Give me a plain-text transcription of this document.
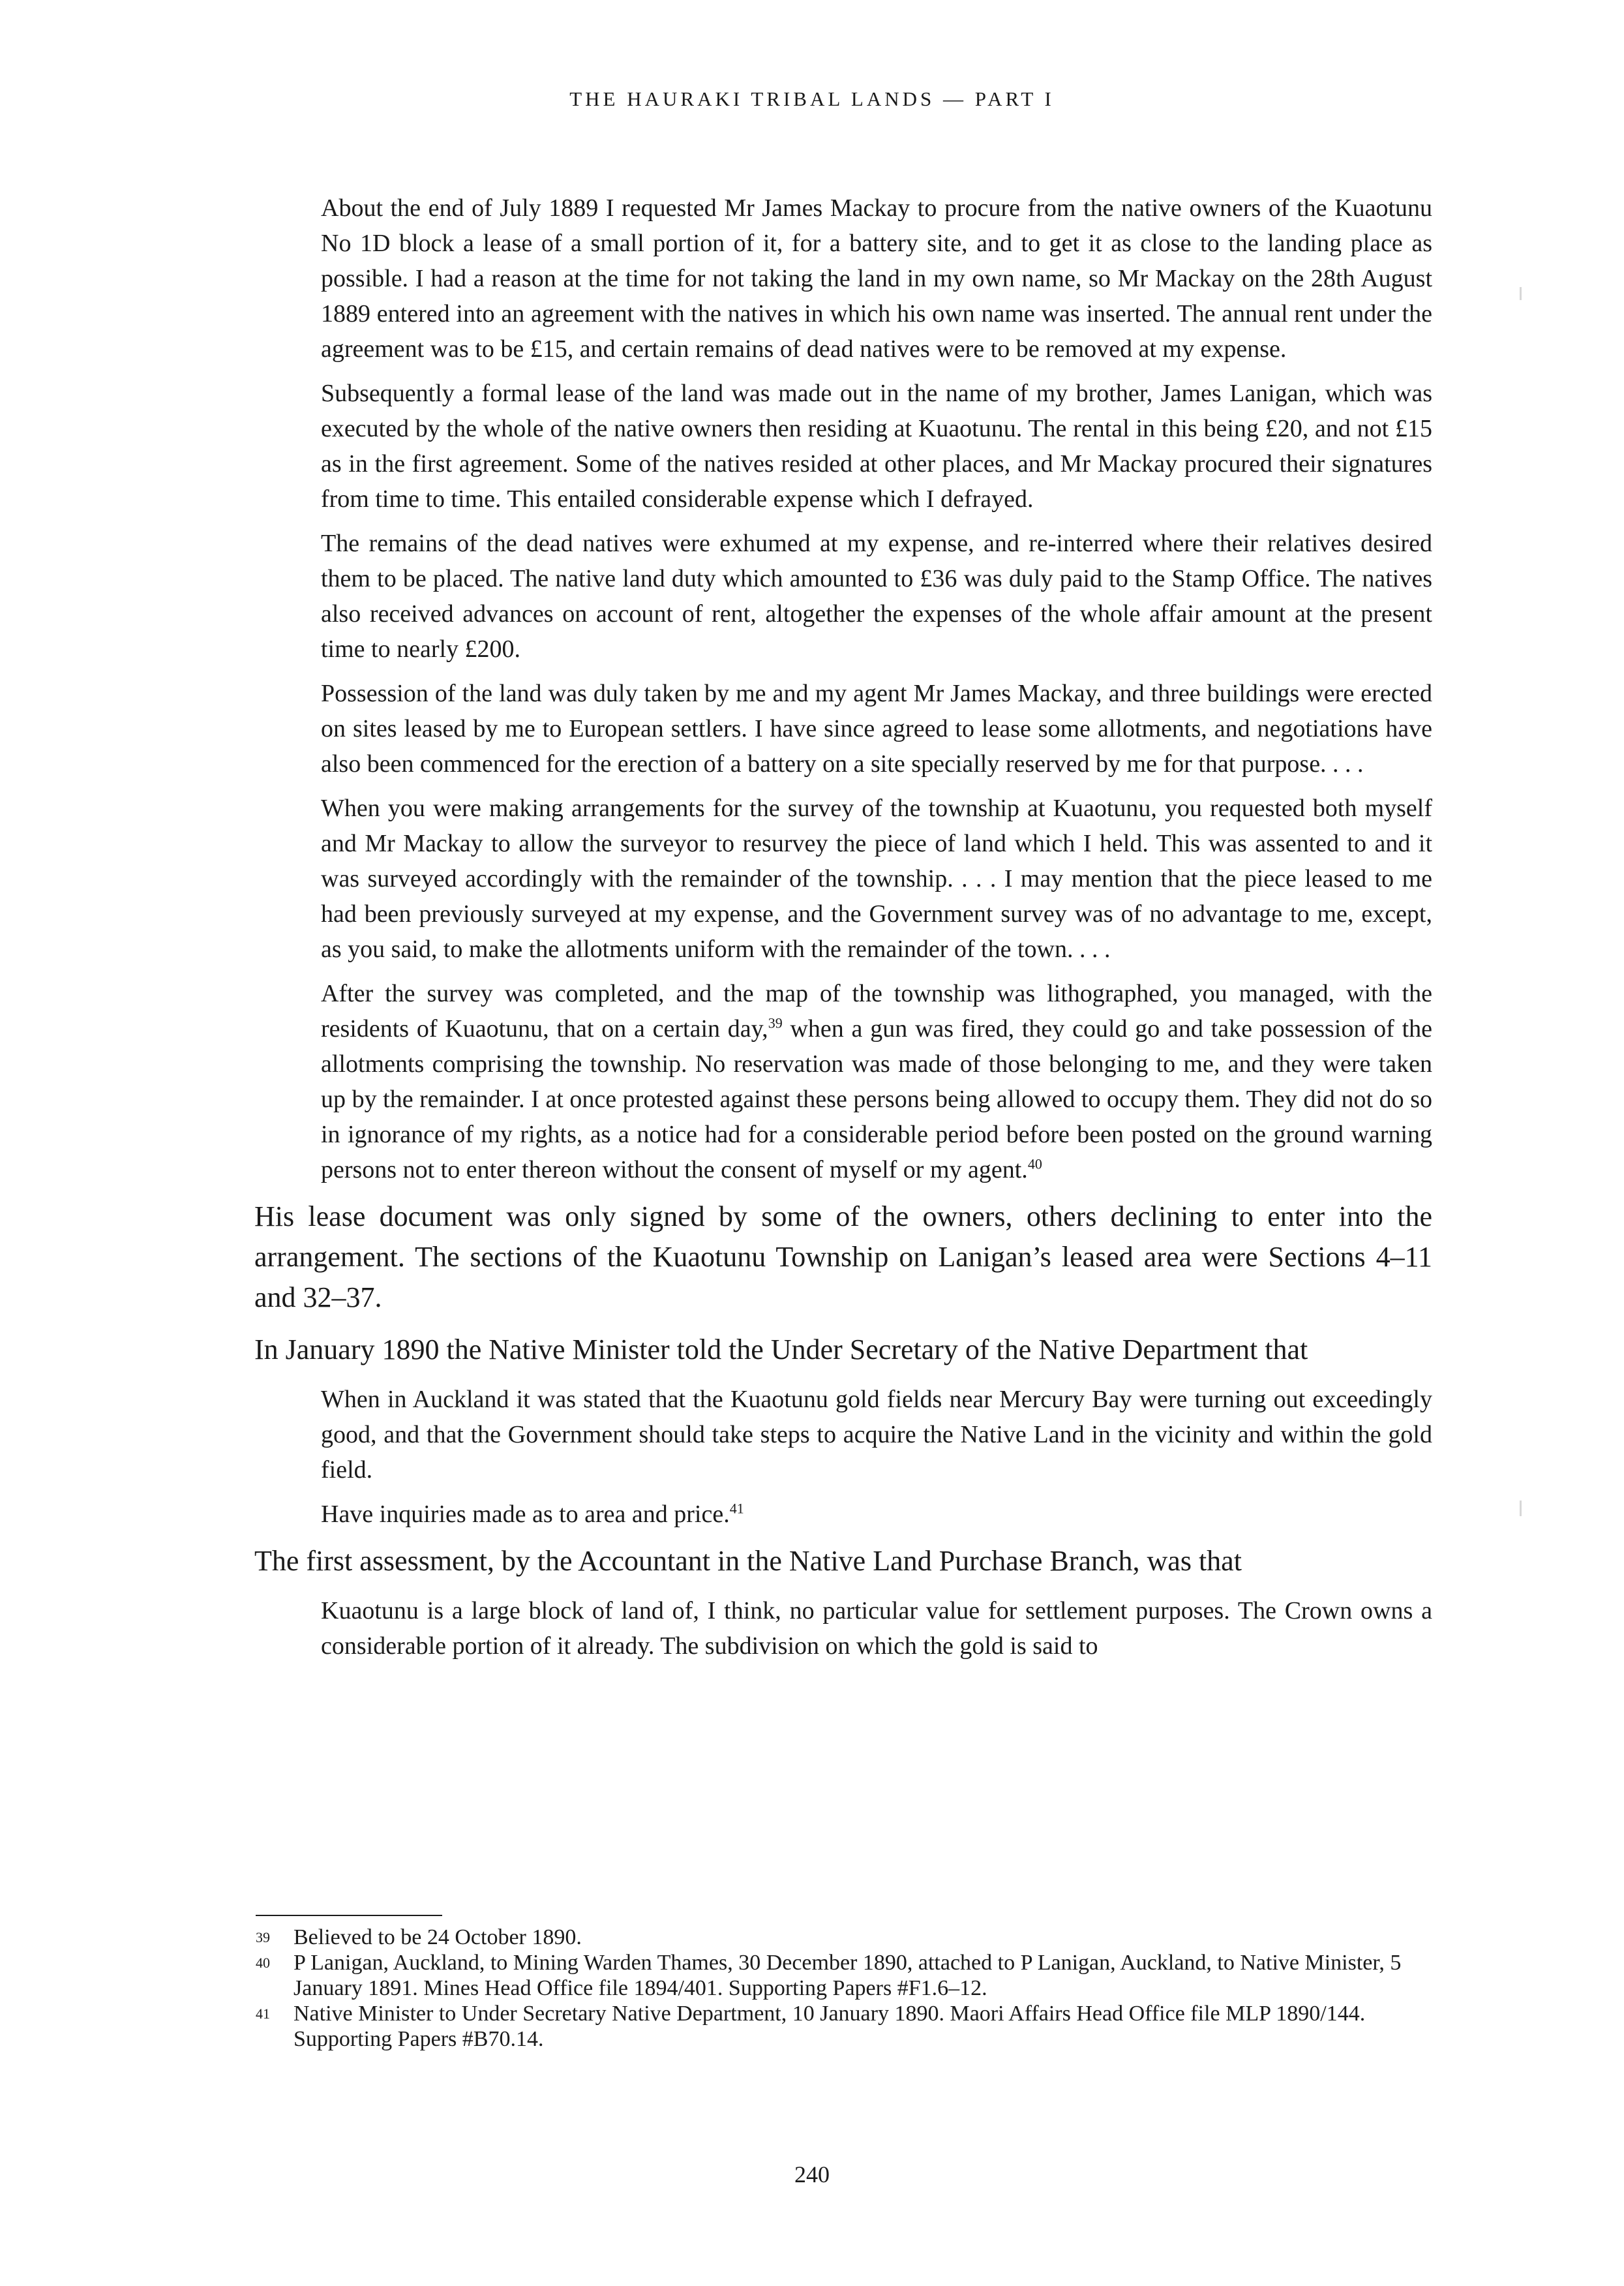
THE HAURAKI TRIBAL LANDS — PART I

About the end of July 1889 I requested Mr James Mackay to procure from the native owners of the Kuaotunu No 1D block a lease of a small portion of it, for a battery site, and to get it as close to the landing place as possible. I had a reason at the time for not taking the land in my own name, so Mr Mackay on the 28th August 1889 entered into an agreement with the natives in which his own name was inserted. The annual rent under the agreement was to be £15, and certain remains of dead natives were to be removed at my expense.

Subsequently a formal lease of the land was made out in the name of my brother, James Lanigan, which was executed by the whole of the native owners then residing at Kuaotunu. The rental in this being £20, and not £15 as in the first agreement. Some of the natives resided at other places, and Mr Mackay procured their signatures from time to time. This entailed considerable expense which I defrayed.

The remains of the dead natives were exhumed at my expense, and re-interred where their relatives desired them to be placed. The native land duty which amounted to £36 was duly paid to the Stamp Office. The natives also received advances on account of rent, altogether the expenses of the whole affair amount at the present time to nearly £200.

Possession of the land was duly taken by me and my agent Mr James Mackay, and three buildings were erected on sites leased by me to European settlers. I have since agreed to lease some allotments, and negotiations have also been commenced for the erection of a battery on a site specially reserved by me for that purpose. . . .

When you were making arrangements for the survey of the township at Kuaotunu, you requested both myself and Mr Mackay to allow the surveyor to resurvey the piece of land which I held. This was assented to and it was surveyed accordingly with the remainder of the township. . . . I may mention that the piece leased to me had been previously surveyed at my expense, and the Government survey was of no advantage to me, except, as you said, to make the allotments uniform with the remainder of the town. . . .

After the survey was completed, and the map of the township was lithographed, you managed, with the residents of Kuaotunu, that on a certain day,$^{39}$ when a gun was fired, they could go and take possession of the allotments comprising the township. No reservation was made of those belonging to me, and they were taken up by the remainder. I at once protested against these persons being allowed to occupy them. They did not do so in ignorance of my rights, as a notice had for a considerable period before been posted on the ground warning persons not to enter thereon without the consent of myself or my agent.$^{40}$

His lease document was only signed by some of the owners, others declining to enter into the arrangement. The sections of the Kuaotunu Township on Lanigan’s leased area were Sections 4–11 and 32–37.

In January 1890 the Native Minister told the Under Secretary of the Native Department that

When in Auckland it was stated that the Kuaotunu gold fields near Mercury Bay were turning out exceedingly good, and that the Government should take steps to acquire the Native Land in the vicinity and within the gold field.

Have inquiries made as to area and price.$^{41}$

The first assessment, by the Accountant in the Native Land Purchase Branch, was that

Kuaotunu is a large block of land of, I think, no particular value for settlement purposes. The Crown owns a considerable portion of it already. The subdivision on which the gold is said to

39	Believed to be 24 October 1890.
40	P Lanigan, Auckland, to Mining Warden Thames, 30 December 1890, attached to P Lanigan, Auckland, to Native Minister, 5 January 1891. Mines Head Office file 1894/401. Supporting Papers #F1.6–12.
41	Native Minister to Under Secretary Native Department, 10 January 1890. Maori Affairs Head Office file MLP 1890/144. Supporting Papers #B70.14.
240
